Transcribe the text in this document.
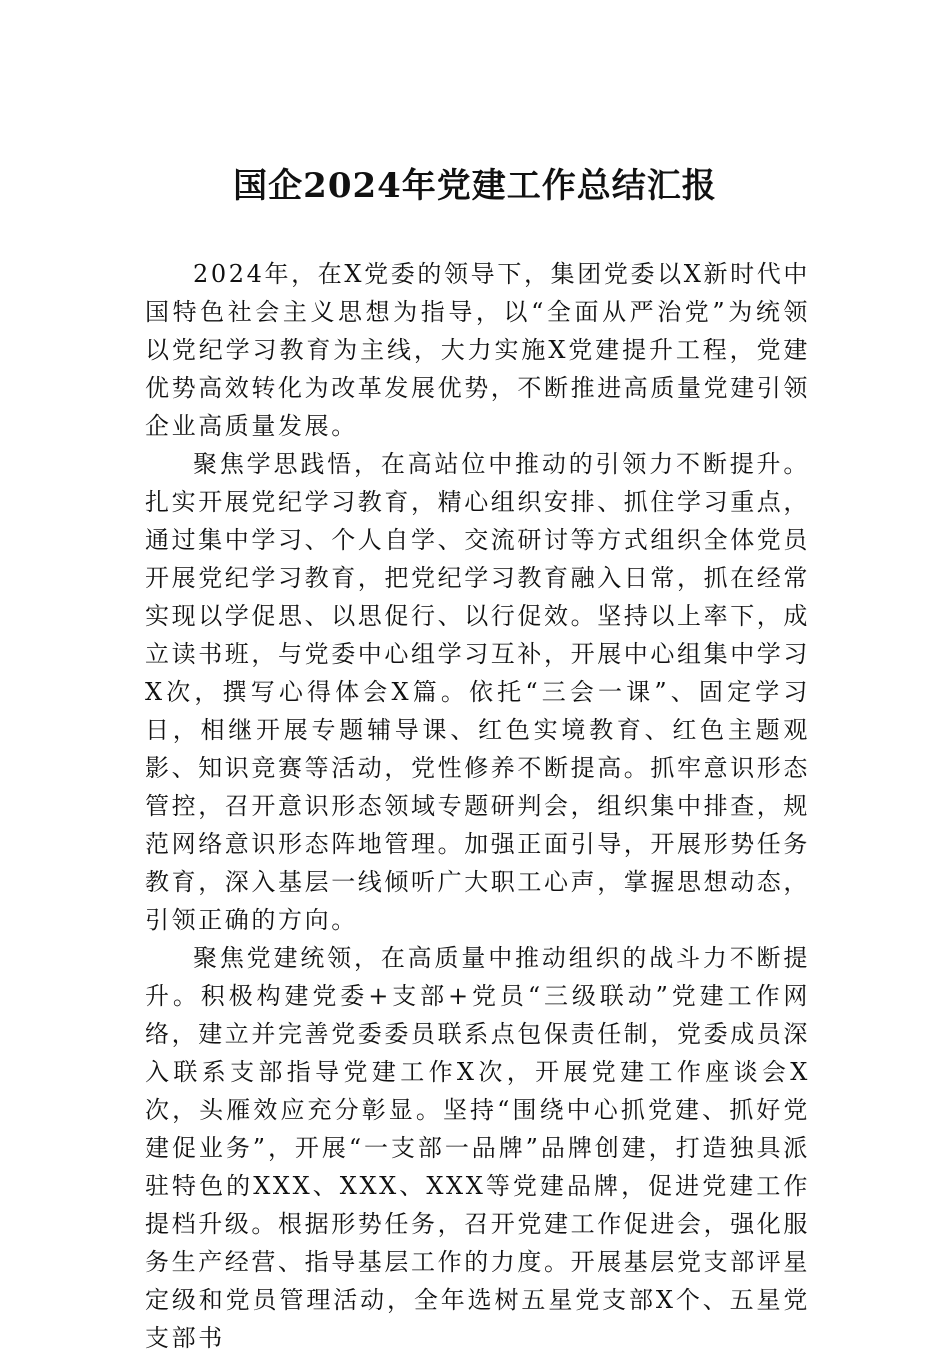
国企2024年党建工作总结汇报

2024年，在X党委的领导下，集团党委以X新时代中国特色社会主义思想为指导，以“全面从严治党”为统领以党纪学习教育为主线，大力实施X党建提升工程，党建优势高效转化为改革发展优势，不断推进高质量党建引领企业高质量发展。

聚焦学思践悟，在高站位中推动的引领力不断提升。扎实开展党纪学习教育，精心组织安排、抓住学习重点，通过集中学习、个人自学、交流研讨等方式组织全体党员开展党纪学习教育，把党纪学习教育融入日常，抓在经常实现以学促思、以思促行、以行促效。坚持以上率下，成立读书班，与党委中心组学习互补，开展中心组集中学习X次，撰写心得体会X篇。依托“三会一课”、固定学习日，相继开展专题辅导课、红色实境教育、红色主题观影、知识竞赛等活动，党性修养不断提高。抓牢意识形态管控，召开意识形态领域专题研判会，组织集中排查，规范网络意识形态阵地管理。加强正面引导，开展形势任务教育，深入基层一线倾听广大职工心声，掌握思想动态，引领正确的方向。

聚焦党建统领，在高质量中推动组织的战斗力不断提升。积极构建党委+支部+党员“三级联动”党建工作网络，建立并完善党委委员联系点包保责任制，党委成员深入联系支部指导党建工作X次，开展党建工作座谈会X次，头雁效应充分彰显。坚持“围绕中心抓党建、抓好党建促业务”，开展“一支部一品牌”品牌创建，打造独具派驻特色的XXX、XXX、XXX等党建品牌，促进党建工作提档升级。根据形势任务，召开党建工作促进会，强化服务生产经营、指导基层工作的力度。开展基层党支部评星定级和党员管理活动，全年选树五星党支部X个、五星党支部书
